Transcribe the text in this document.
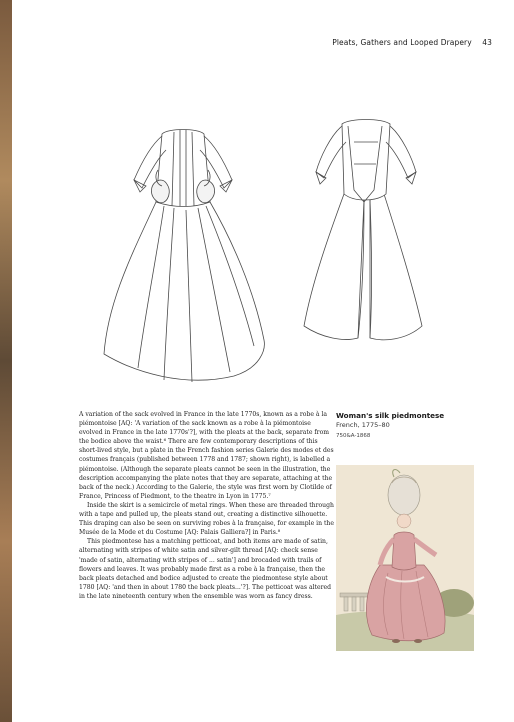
Pleats, Gathers and Looped Drapery 43

A variation of the sack evolved in France in the late 1770s, known as a robe à la piémontoise [AQ: 'A variation of the sack known as a robe à la piémontoise evolved in France in the late 1770s'?], with the pleats at the back, separate from the bodice above the waist.⁶ There are few contemporary descriptions of this short-lived style, but a plate in the French fashion series Galerie des modes et des costumes français (published between 1778 and 1787; shown right), is labelled a piémontoise. (Although the separate pleats cannot be seen in the illustration, the description accompanying the plate notes that they are separate, attaching at the back of the neck.) According to the Galerie, the style was first worn by Clotilde of France, Princess of Piedmont, to the theatre in Lyon in 1775.⁷

Inside the skirt is a semicircle of metal rings. When these are threaded through with a tape and pulled up, the pleats stand out, creating a distinctive silhouette. This draping can also be seen on surviving robes à la française, for example in the Musée de la Mode et du Costume [AQ: Palais Galliera?] in Paris.⁸

This piedmontese has a matching petticoat, and both items are made of satin, alternating with stripes of white satin and silver-gilt thread [AQ: check sense 'made of satin, alternating with stripes of ... satin'] and brocaded with trails of flowers and leaves. It was probably made first as a robe à la française, then the back pleats detached and bodice adjusted to create the piedmontese style about 1780 [AQ: 'and then in about 1780 the back pleats...'?]. The petticoat was altered in the late nineteenth century when the ensemble was worn as fancy dress.

Woman's silk piedmontese
French, 1775–80
750&A-1868
